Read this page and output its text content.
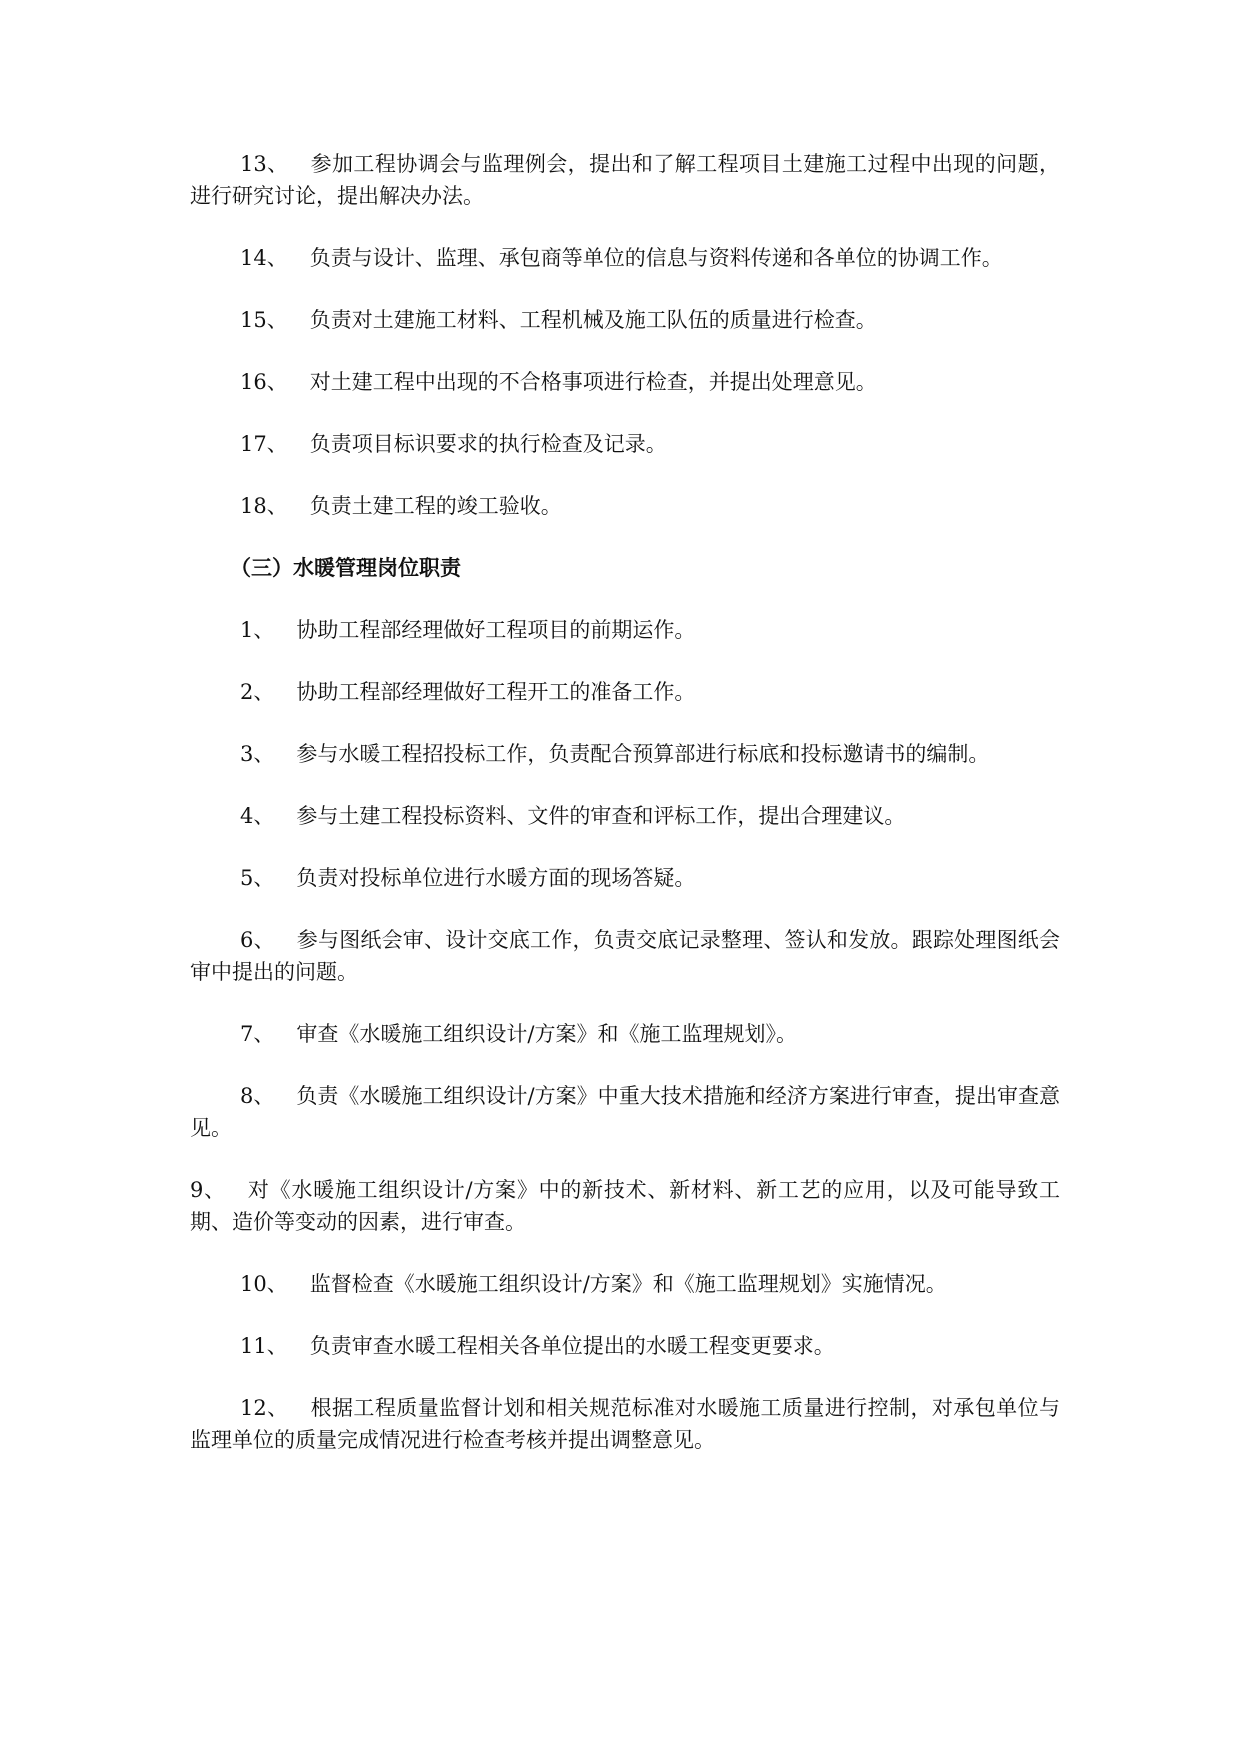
13、 参加工程协调会与监理例会，提出和了解工程项目土建施工过程中出现的问题，进行研究讨论，提出解决办法。

14、 负责与设计、监理、承包商等单位的信息与资料传递和各单位的协调工作。

15、 负责对土建施工材料、工程机械及施工队伍的质量进行检查。

16、 对土建工程中出现的不合格事项进行检查，并提出处理意见。

17、 负责项目标识要求的执行检查及记录。

18、 负责土建工程的竣工验收。

（三）水暖管理岗位职责

1、 协助工程部经理做好工程项目的前期运作。

2、 协助工程部经理做好工程开工的准备工作。

3、 参与水暖工程招投标工作，负责配合预算部进行标底和投标邀请书的编制。

4、 参与土建工程投标资料、文件的审查和评标工作，提出合理建议。

5、 负责对投标单位进行水暖方面的现场答疑。

6、 参与图纸会审、设计交底工作，负责交底记录整理、签认和发放。跟踪处理图纸会审中提出的问题。

7、 审查《水暖施工组织设计/方案》和《施工监理规划》。

8、 负责《水暖施工组织设计/方案》中重大技术措施和经济方案进行审查，提出审查意见。

9、 对《水暖施工组织设计/方案》中的新技术、新材料、新工艺的应用，以及可能导致工期、造价等变动的因素，进行审查。

10、 监督检查《水暖施工组织设计/方案》和《施工监理规划》实施情况。

11、 负责审查水暖工程相关各单位提出的水暖工程变更要求。

12、 根据工程质量监督计划和相关规范标准对水暖施工质量进行控制，对承包单位与监理单位的质量完成情况进行检查考核并提出调整意见。
